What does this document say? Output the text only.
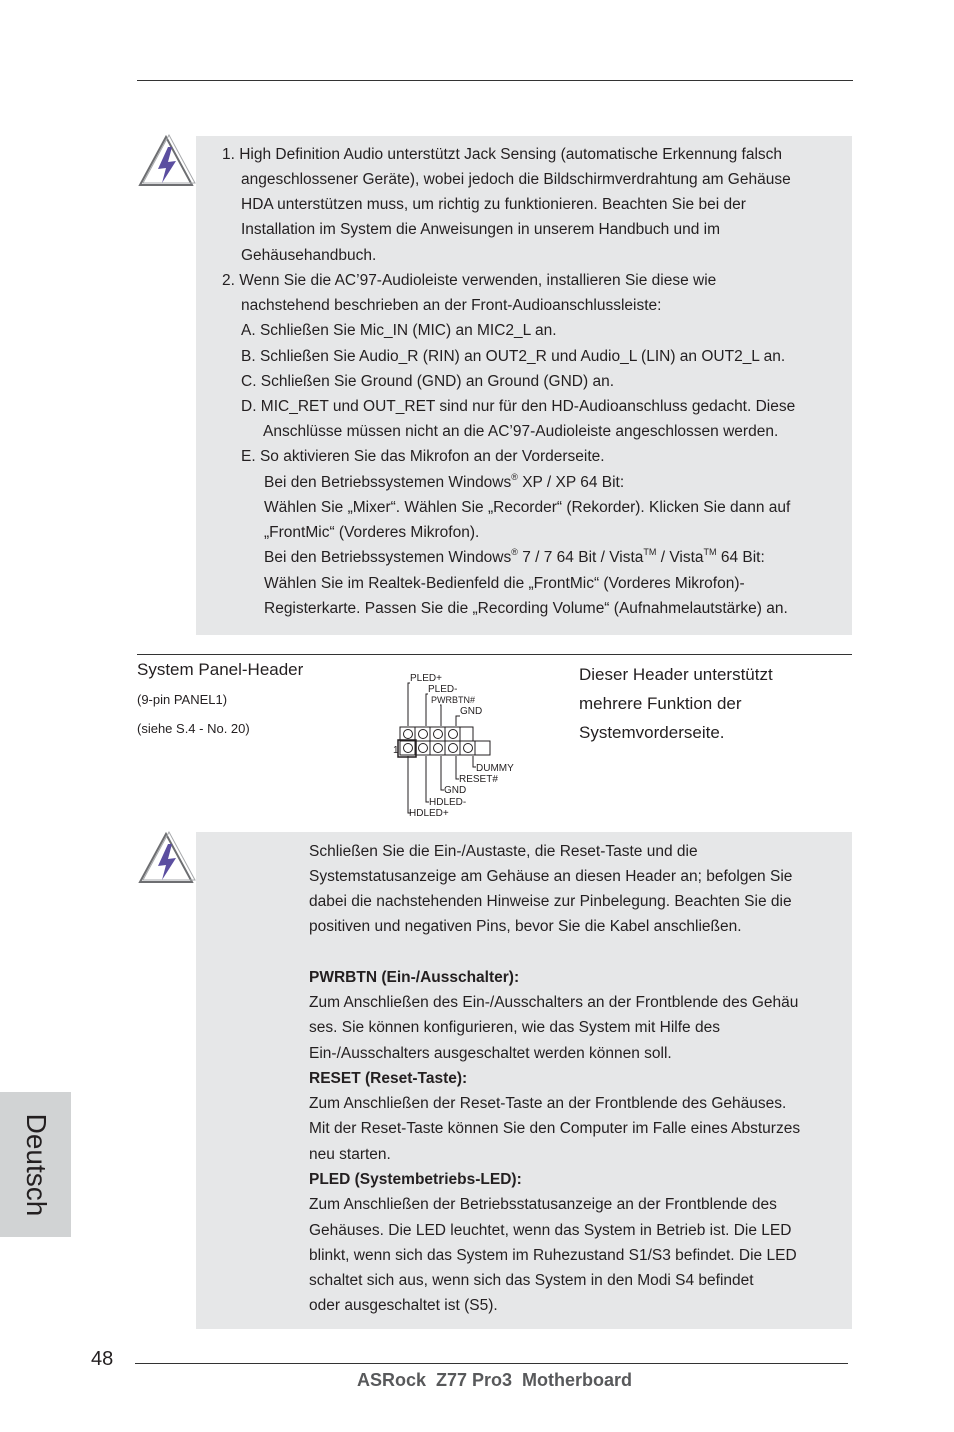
1. High Definition Audio unterstützt Jack Sensing (automatische Erkennung falsch
angeschlossener Geräte), wobei jedoch die Bildschirmverdrahtung am Gehäuse
HDA unterstützen muss, um richtig zu funktionieren. Beachten Sie bei der
Installation im System die Anweisungen in unserem Handbuch und im
Gehäusehandbuch.
2. Wenn Sie die AC’97-Audioleiste verwenden, installieren Sie diese wie
nachstehend beschrieben an der Front-Audioanschlussleiste:
A. Schließen Sie Mic_IN (MIC) an MIC2_L an.
B. Schließen Sie Audio_R (RIN) an OUT2_R und Audio_L (LIN) an OUT2_L an.
C. Schließen Sie Ground (GND) an Ground (GND) an.
D. MIC_RET und OUT_RET sind nur für den HD-Audioanschluss gedacht. Diese
Anschlüsse müssen nicht an die AC’97-Audioleiste angeschlossen werden.
E. So aktivieren Sie das Mikrofon an der Vorderseite.
Bei den Betriebssystemen Windows® XP / XP 64 Bit:
Wählen Sie „Mixer“. Wählen Sie „Recorder“ (Rekorder). Klicken Sie dann auf
„FrontMic“ (Vorderes Mikrofon).
Bei den Betriebssystemen Windows® 7 / 7 64 Bit / Vista™ / Vista™ 64 Bit:
Wählen Sie im Realtek-Bedienfeld die „FrontMic“ (Vorderes Mikrofon)-
Registerkarte. Passen Sie die „Recording Volume“ (Aufnahmelautstärke) an.
System Panel-Header
(9-pin PANEL1)
(siehe S.4 - No. 20)
Dieser Header unterstützt
mehrere Funktion der
Systemvorderseite.
PLED+
PLED-
PWRBTN#
GND
1
DUMMY
RESET#
GND
HDLED-
HDLED+
Schließen Sie die Ein-/Austaste, die Reset-Taste und die
Systemstatusanzeige am Gehäuse an diesen Header an; befolgen Sie
dabei die nachstehenden Hinweise zur Pinbelegung. Beachten Sie die
positiven und negativen Pins, bevor Sie die Kabel anschließen.
PWRBTN (Ein-/Ausschalter):
Zum Anschließen des Ein-/Ausschalters an der Frontblende des Gehäu
ses. Sie können konfigurieren, wie das System mit Hilfe des
Ein-/Ausschalters ausgeschaltet werden können soll.
RESET (Reset-Taste):
Zum Anschließen der Reset-Taste an der Frontblende des Gehäuses.
Mit der Reset-Taste können Sie den Computer im Falle eines Absturzes
neu starten.
PLED (Systembetriebs-LED):
Zum Anschließen der Betriebsstatusanzeige an der Frontblende des
Gehäuses. Die LED leuchtet, wenn das System in Betrieb ist. Die LED
blinkt, wenn sich das System im Ruhezustand S1/S3 befindet. Die LED
schaltet sich aus, wenn sich das System in den Modi S4 befindet
oder ausgeschaltet ist (S5).
Deutsch
48
ASRock  Z77 Pro3  Motherboard
